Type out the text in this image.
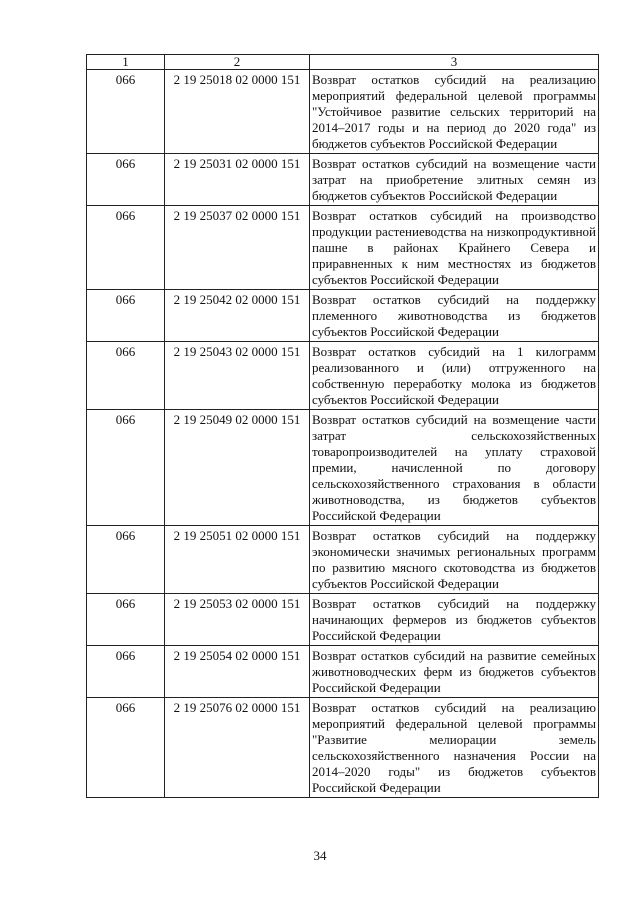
1	2	3
066	2 19 25018 02 0000 151	Возврат остатков субсидий на реализацию мероприятий федеральной целевой программы "Устойчивое развитие сельских территорий на 2014–2017 годы и на период до 2020 года" из бюджетов субъектов Российской Федерации
066	2 19 25031 02 0000 151	Возврат остатков субсидий на возмещение части затрат на приобретение элитных семян из бюджетов субъектов Российской Федерации
066	2 19 25037 02 0000 151	Возврат остатков субсидий на производство продукции растениеводства на низкопродуктивной пашне в районах Крайнего Севера и приравненных к ним местностях из бюджетов субъектов Российской Федерации
066	2 19 25042 02 0000 151	Возврат остатков субсидий на поддержку племенного животноводства из бюджетов субъектов Российской Федерации
066	2 19 25043 02 0000 151	Возврат остатков субсидий на 1 килограмм реализованного и (или) отгруженного на собственную переработку молока из бюджетов субъектов Российской Федерации
066	2 19 25049 02 0000 151	Возврат остатков субсидий на возмещение части затрат сельскохозяйственных товаропроизводителей на уплату страховой премии, начисленной по договору сельскохозяйственного страхования в области животноводства, из бюджетов субъектов Российской Федерации
066	2 19 25051 02 0000 151	Возврат остатков субсидий на поддержку экономически значимых региональных программ по развитию мясного скотоводства из бюджетов субъектов Российской Федерации
066	2 19 25053 02 0000 151	Возврат остатков субсидий на поддержку начинающих фермеров из бюджетов субъектов Российской Федерации
066	2 19 25054 02 0000 151	Возврат остатков субсидий на развитие семейных животноводческих ферм из бюджетов субъектов Российской Федерации
066	2 19 25076 02 0000 151	Возврат остатков субсидий на реализацию мероприятий федеральной целевой программы "Развитие мелиорации земель сельскохозяйственного назначения России на 2014–2020 годы" из бюджетов субъектов Российской Федерации
34
